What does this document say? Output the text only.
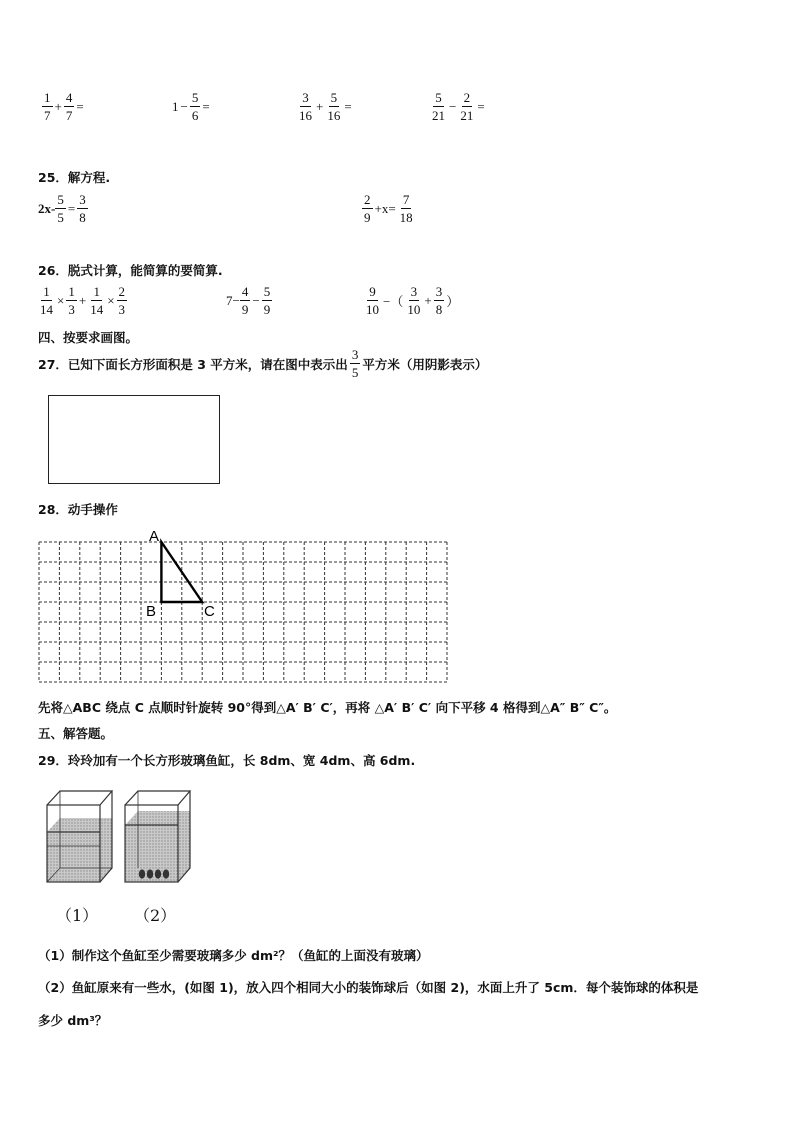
$\frac{1}{7} + \frac{4}{7}$ =	$1 - \frac{5}{6}$ =	$\frac{3}{16} + \frac{5}{16}$ =	$\frac{5}{21} - \frac{2}{21}$ =
25．解方程.
$2x- \frac{5}{5} = \frac{3}{8}$	$\frac{2}{9} +x= \frac{7}{18}$
26．脱式计算，能简算的要简算.
$\frac{1}{14} \times \frac{1}{3} + \frac{1}{14} \times \frac{2}{3}$	$7- \frac{4}{9} - \frac{5}{9}$	$\frac{9}{10}$ −（ $\frac{3}{10} + \frac{3}{8}$ ）
四、按要求画图。
27．已知下面长方形面积是 3 平方米，请在图中表示出 $\frac{3}{5}$ 平方米（用阴影表示）
28．动手操作
A
B	C
先将△ABC 绕点 C 点顺时针旋转 90°得到△A′ B′ C′，再将 △A′ B′ C′ 向下平移 4 格得到△A″ B″ C″。
五、解答题。
29．玲玲加有一个长方形玻璃鱼缸，长 8dm、宽 4dm、高 6dm.
（1） （2）
（1）制作这个鱼缸至少需要玻璃多少 dm²？（鱼缸的上面没有玻璃）
（2）鱼缸原来有一些水，(如图 1)，放入四个相同大小的装饰球后（如图 2)，水面上升了 5cm．每个装饰球的体积是
多少 dm³？
